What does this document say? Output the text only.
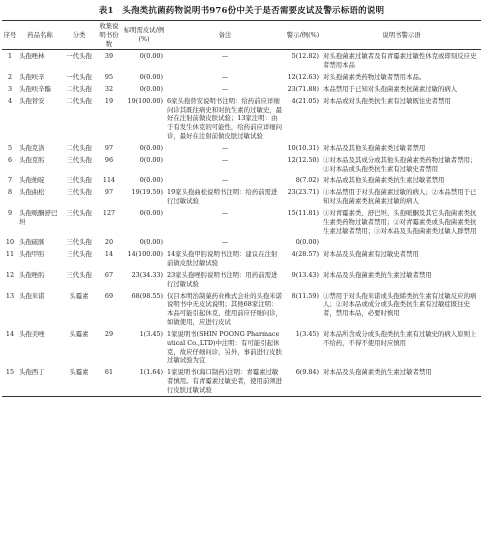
表1　头孢类抗菌药物说明书976份中关于是否需要皮试及警示标语的说明
序号	药品名称	分类	收集说明书份数	标明需皮试/例(%)	备注	警示/例(%)	说明书警示语
1	头孢唑林	一代头孢	39	0(0.00)	—	5(12.82)	对头孢菌素过敏者及有青霉素过敏性休克或即刻反应史者禁用本品
2	头孢呋辛	一代头孢	95	0(0.00)	—	12(12.63)	对头孢菌素类药物过敏者禁用本品。
3	头孢呋辛酯	二代头孢	32	0(0.00)	—	23(71.88)	本品禁用于已知对头孢菌素类抗菌素过敏的病人
4	头孢替安	二代头孢	19	19(100.00)	6家头孢替安说明书注明：给药前应详细问诊其既往病史和对抗生素的过敏史，最好在注射前做皮肤试验；13家注明：由于有发生休克的可能性，给药前应详细问诊，最好在注射前做皮肤过敏试验	4(21.05)	对本品或对头孢类抗生素有过敏既往史者禁用
5	头孢克洛	二代头孢	97	0(0.00)	—	10(10.31)	对本品及其他头孢菌素类过敏者禁用
6	头孢克肟	三代头孢	96	0(0.00)	—	12(12.50)	①对本品及其成分或其他头孢菌素类药物过敏者禁用；②对本品或头孢类抗生素有过敏史者禁用
7	头孢他啶	三代头孢	114	0(0.00)	—	8(7.02)	对本品或其他头孢菌素类抗生素过敏者禁用
8	头孢曲松	三代头孢	97	19(19.59)	19家头孢曲松说明书注明：给药前需进行过敏试验	23(23.71)	①本品禁用于对头孢菌素过敏的病人；②本品禁用于已知对头孢菌素类抗菌素过敏的病人
9	头孢哌酮舒巴坦	三代头孢	127	0(0.00)	—	15(11.81)	①对青霉素类、舒巴坦、头孢哌酮及其它头孢菌素类抗生素类药物过敏者禁用；②对青霉素类或头孢菌素类抗生素过敏者禁用；③对本品及头孢菌素类过敏人群禁用
10	头孢硫脒	三代头孢	20	0(0.00)	—	0(0.00)	
11	头孢甲肟	三代头孢	14	14(100.00)	14家头孢甲肟说明书注明：建议在注射前做皮肤过敏试验	4(28.57)	对本品及头孢菌素有过敏史者禁用
12	头孢唑肟	三代头孢	67	23(34.33)	23家头孢唑肟说明书注明：用药前需进行过敏试验	9(13.43)	对本品及头孢菌素类抗生素过敏者禁用
13	头孢米诺	头霉素	69	68(98.55)	仅目本明治制菓药业株式会社的头孢米诺说明书中无皮试说明；其他68家注明：本品可能引起休克，使用前应仔细问诊，如做使用，应进行皮试	8(11.59)	①禁用于对头孢米诺或头孢烯类抗生素有过敏反应的病人；②对本品或成分或头孢类抗生素有过敏症既往史者，禁用本品，必要时慎用
14	头孢美唑	头霉素	29	1(3.45)	1家说明书(SHIN POONG Pharmaceutical Co.,LTD)中注明：有可能引起休克，故应仔细问诊，另外，事前进行皮肤过敏试验为宜	1(3.45)	对本品所含成分或头孢类抗生素有过敏史的病人原则上不给药，不得不使用时应慎用
15	头孢西丁	头霉素	61	1(1.64)	1家说明书(海口制药)注明：青霉素过敏者慎用。有青霉素过敏史者，使用前须进行皮肤过敏试验	6(9.84)	对本品及头孢菌素类抗生素过敏者禁用
